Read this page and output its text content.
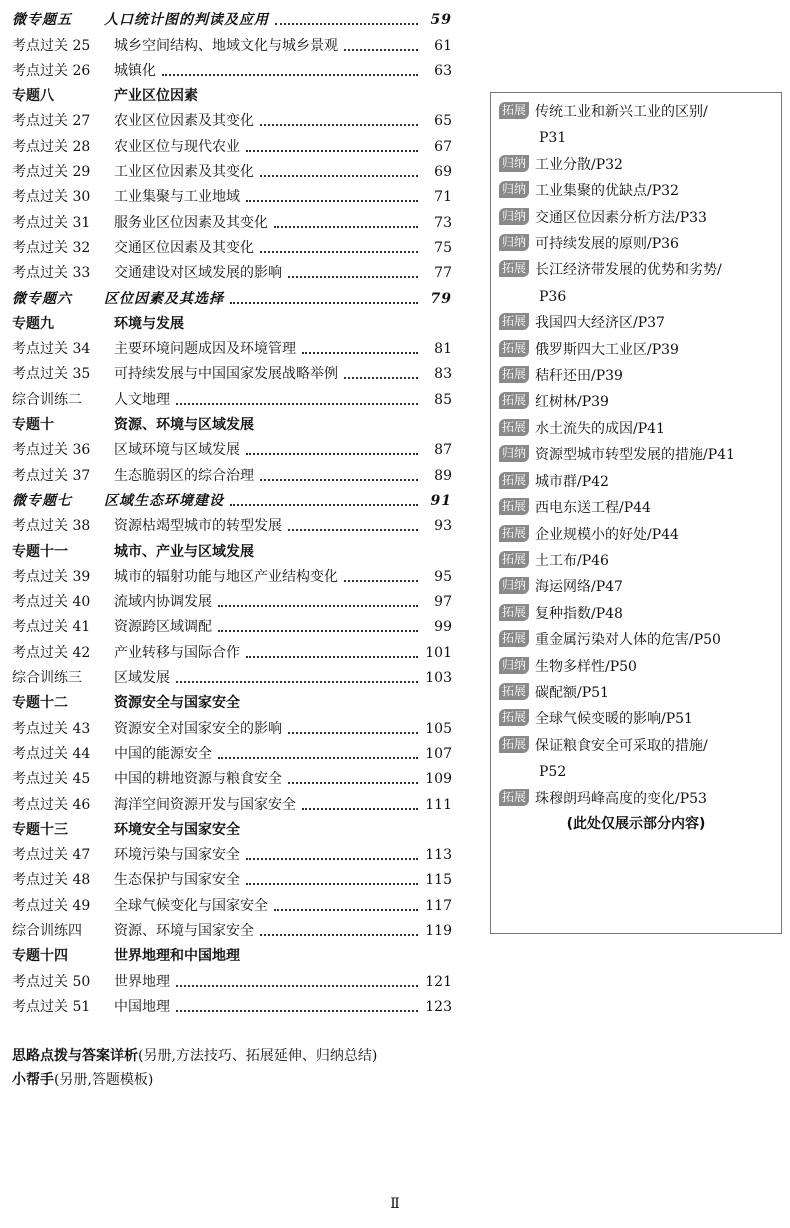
微专题五 人口统计图的判读及应用	59
考点过关 25 城乡空间结构、地域文化与城乡景观	61
考点过关 26 城镇化	63
专题八	产业区位因素
考点过关 27 农业区位因素及其变化	65
考点过关 28 农业区位与现代农业	67
考点过关 29 工业区位因素及其变化	69
考点过关 30 工业集聚与工业地域	71
考点过关 31 服务业区位因素及其变化	73
考点过关 32 交通区位因素及其变化	75
考点过关 33 交通建设对区域发展的影响	77
微专题六 区位因素及其选择	79
专题九	环境与发展
考点过关 34 主要环境问题成因及环境管理	81
考点过关 35 可持续发展与中国国家发展战略举例	83
综合训练二 人文地理	85
专题十	资源、环境与区域发展
考点过关 36 区域环境与区域发展	87
考点过关 37 生态脆弱区的综合治理	89
微专题七 区域生态环境建设	91
考点过关 38 资源枯竭型城市的转型发展	93
专题十一	城市、产业与区域发展
考点过关 39 城市的辐射功能与地区产业结构变化	95
考点过关 40 流域内协调发展	97
考点过关 41 资源跨区域调配	99
考点过关 42 产业转移与国际合作	101
综合训练三 区域发展	103
专题十二	资源安全与国家安全
考点过关 43 资源安全对国家安全的影响	105
考点过关 44 中国的能源安全	107
考点过关 45 中国的耕地资源与粮食安全	109
考点过关 46 海洋空间资源开发与国家安全	111
专题十三	环境安全与国家安全
考点过关 47 环境污染与国家安全	113
考点过关 48 生态保护与国家安全	115
考点过关 49 全球气候变化与国家安全	117
综合训练四 资源、环境与国家安全	119
专题十四	世界地理和中国地理
考点过关 50 世界地理	121
考点过关 51 中国地理	123
思路点拨与答案详析(另册,方法技巧、拓展延伸、归纳总结)
小帮手(另册,答题模板)
拓展 传统工业和新兴工业的区别/
P31
归纳 工业分散/P32
归纳 工业集聚的优缺点/P32
归纳 交通区位因素分析方法/P33
归纳 可持续发展的原则/P36
拓展 长江经济带发展的优势和劣势/
P36
拓展 我国四大经济区/P37
拓展 俄罗斯四大工业区/P39
拓展 秸秆还田/P39
拓展 红树林/P39
拓展 水土流失的成因/P41
归纳 资源型城市转型发展的措施/P41
拓展 城市群/P42
拓展 西电东送工程/P44
拓展 企业规模小的好处/P44
拓展 土工布/P46
归纳 海运网络/P47
拓展 复种指数/P48
拓展 重金属污染对人体的危害/P50
归纳 生物多样性/P50
拓展 碳配额/P51
拓展 全球气候变暖的影响/P51
拓展 保证粮食安全可采取的措施/
P52
拓展 珠穆朗玛峰高度的变化/P53
(此处仅展示部分内容)
Ⅱ
